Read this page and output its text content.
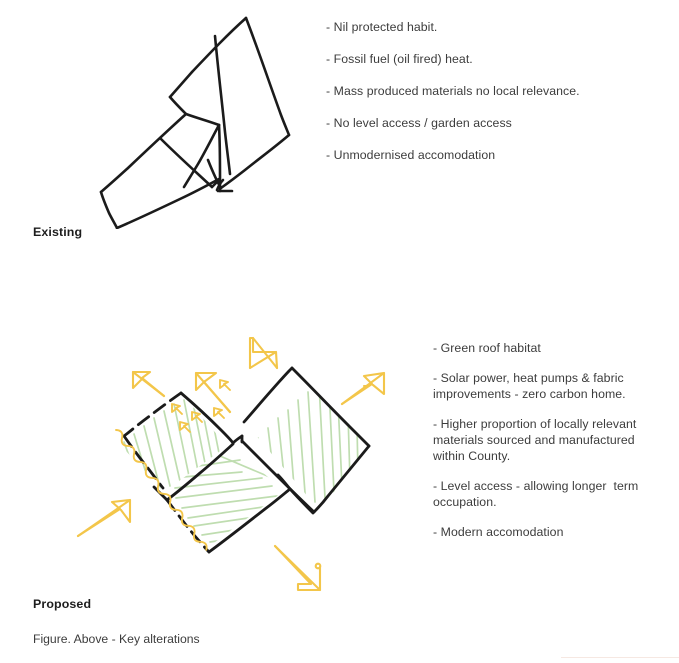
- Nil protected habit.
- Fossil fuel (oil fired) heat.
- Mass produced materials no local relevance.
- No level access / garden access
- Unmodernised accomodation
- Green roof habitat
- Solar power, heat pumps & fabric improvements - zero carbon home.
- Higher proportion of locally relevant materials sourced and manufactured within County.
- Level access - allowing longer  term occupation.
- Modern accomodation
Existing
Proposed
Figure. Above - Key alterations
